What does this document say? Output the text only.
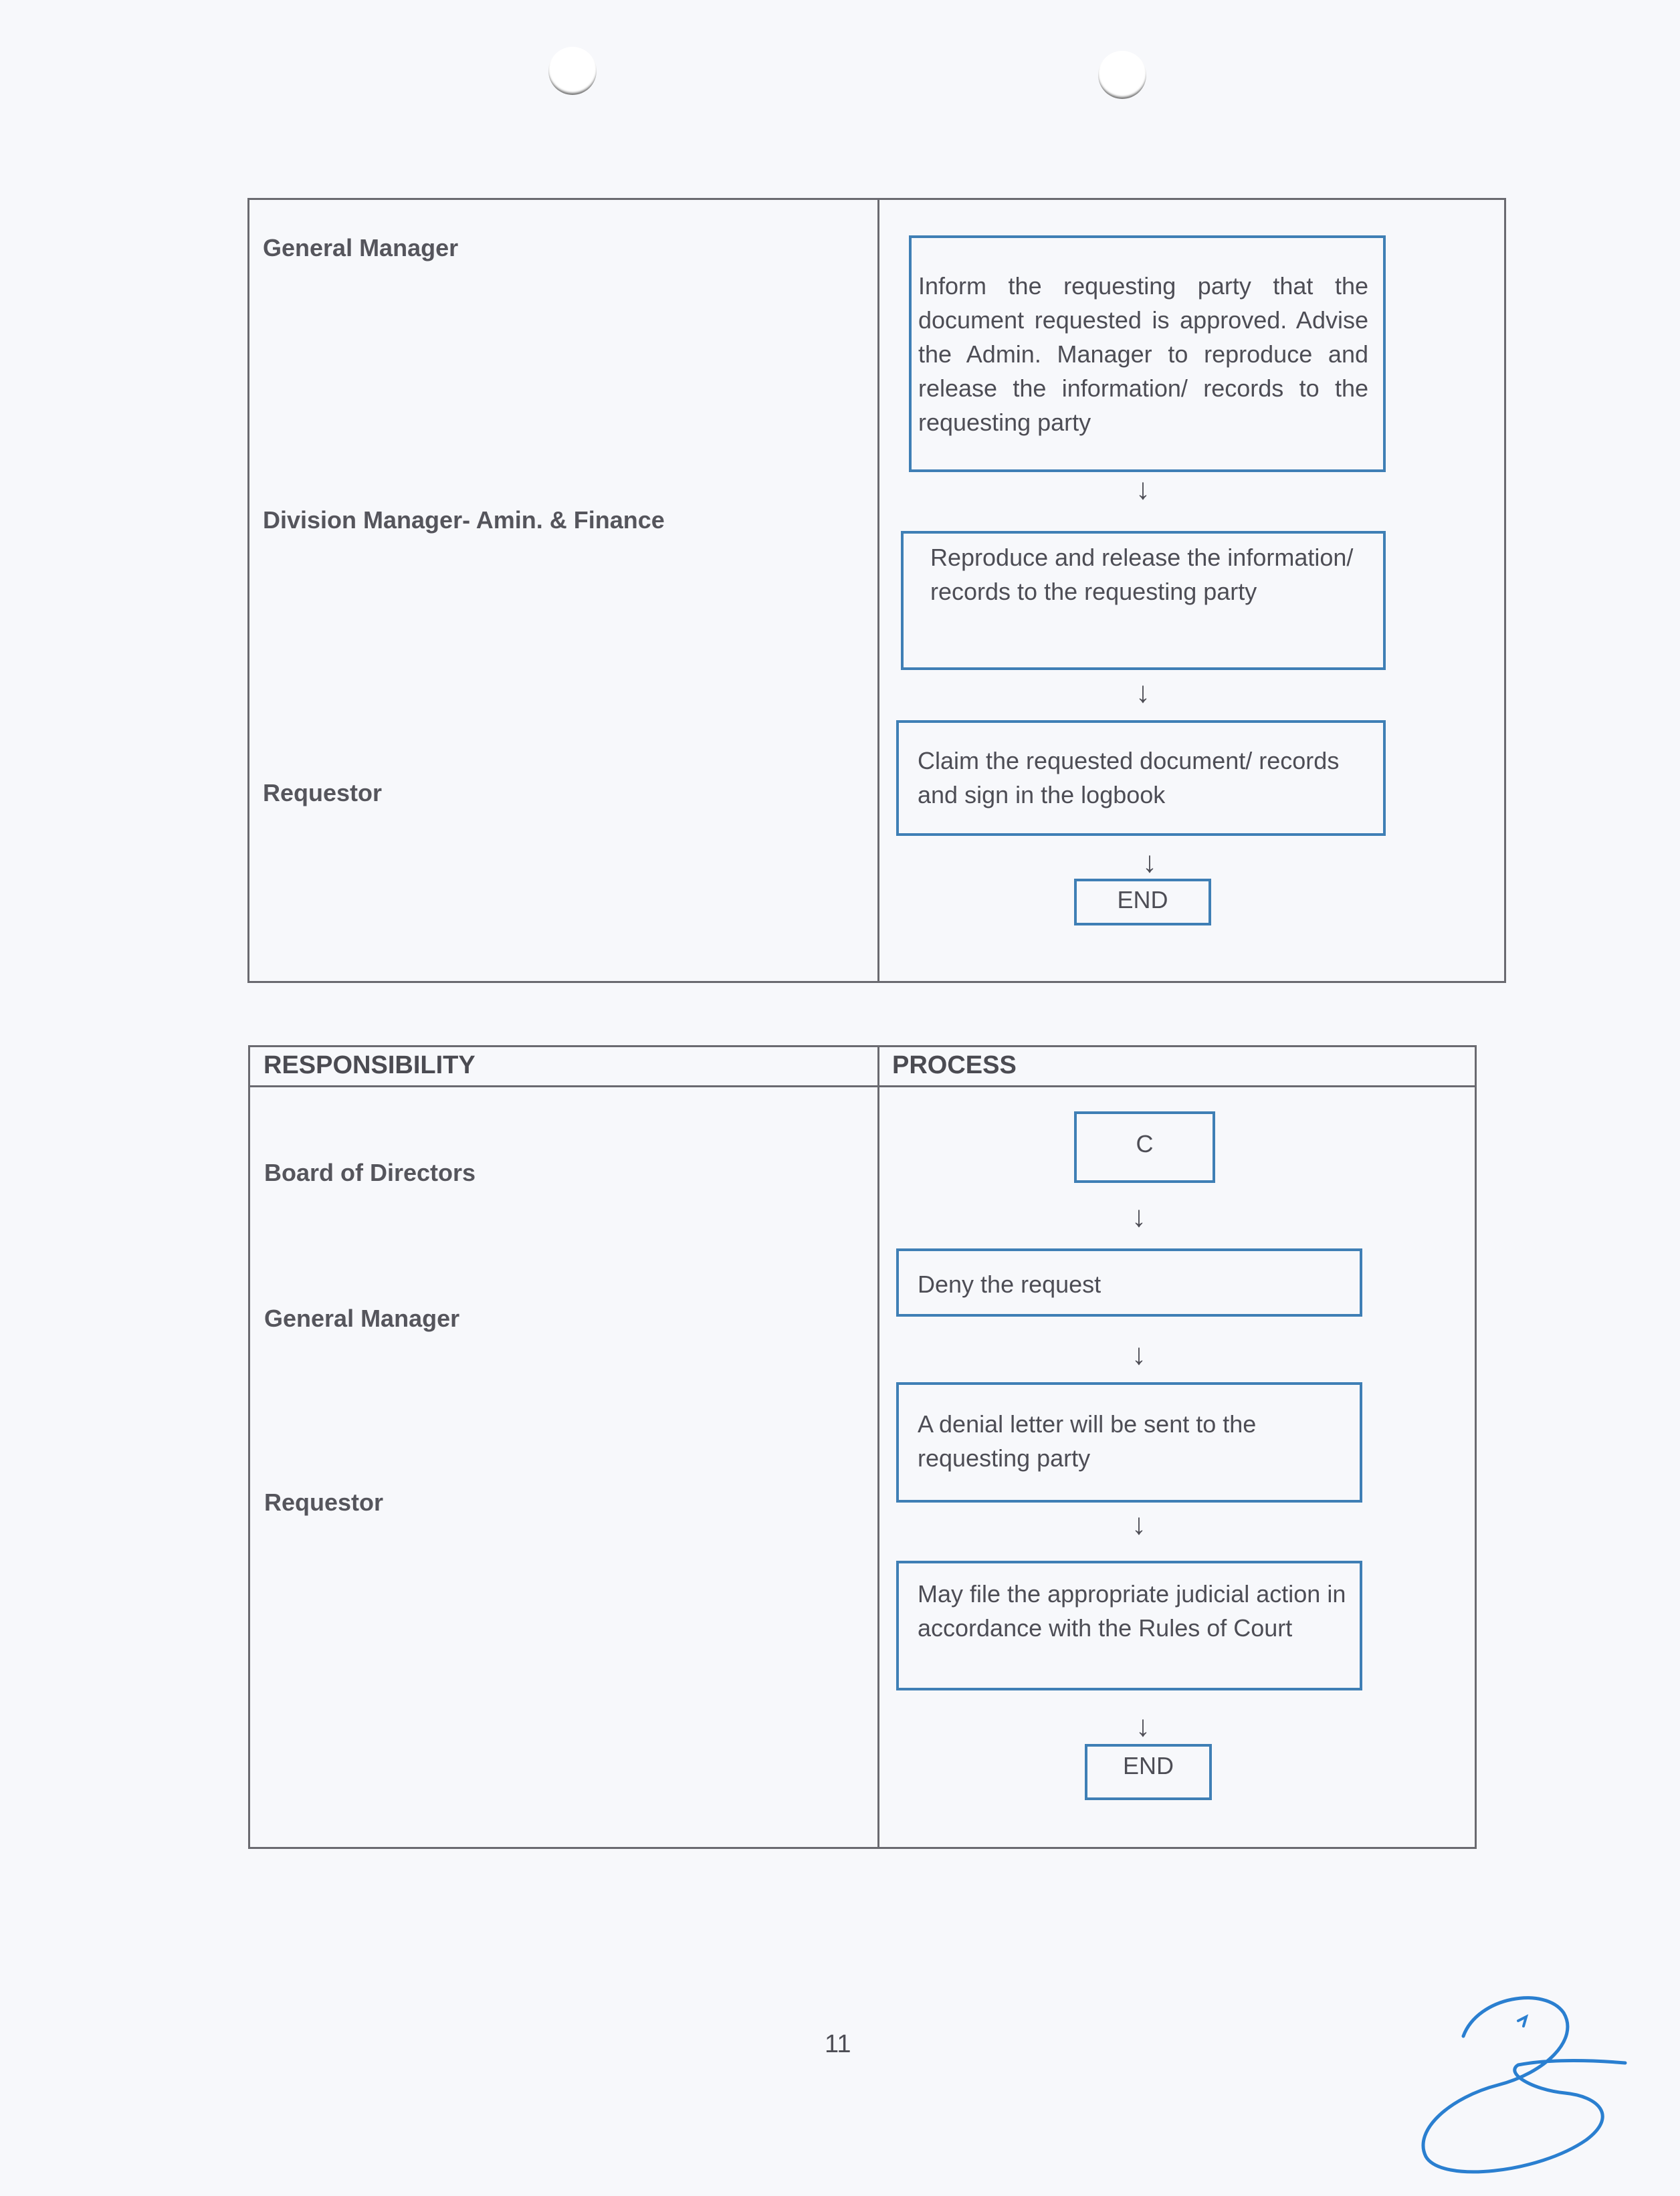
General Manager
Division Manager- Amin. & Finance
Requestor
Inform the requesting party that the document requested is approved. Advise the Admin. Manager to reproduce and release the information/ records to the requesting party
↓
Reproduce and release the information/ records to the requesting party
↓
Claim the requested document/ records and sign in the logbook
↓
END
RESPONSIBILITY	PROCESS
Board of Directors
General Manager
Requestor
C
↓
Deny the request
↓
A denial letter will be sent to the requesting party
↓
May file the appropriate judicial action in accordance with the Rules of Court
↓
END
11
